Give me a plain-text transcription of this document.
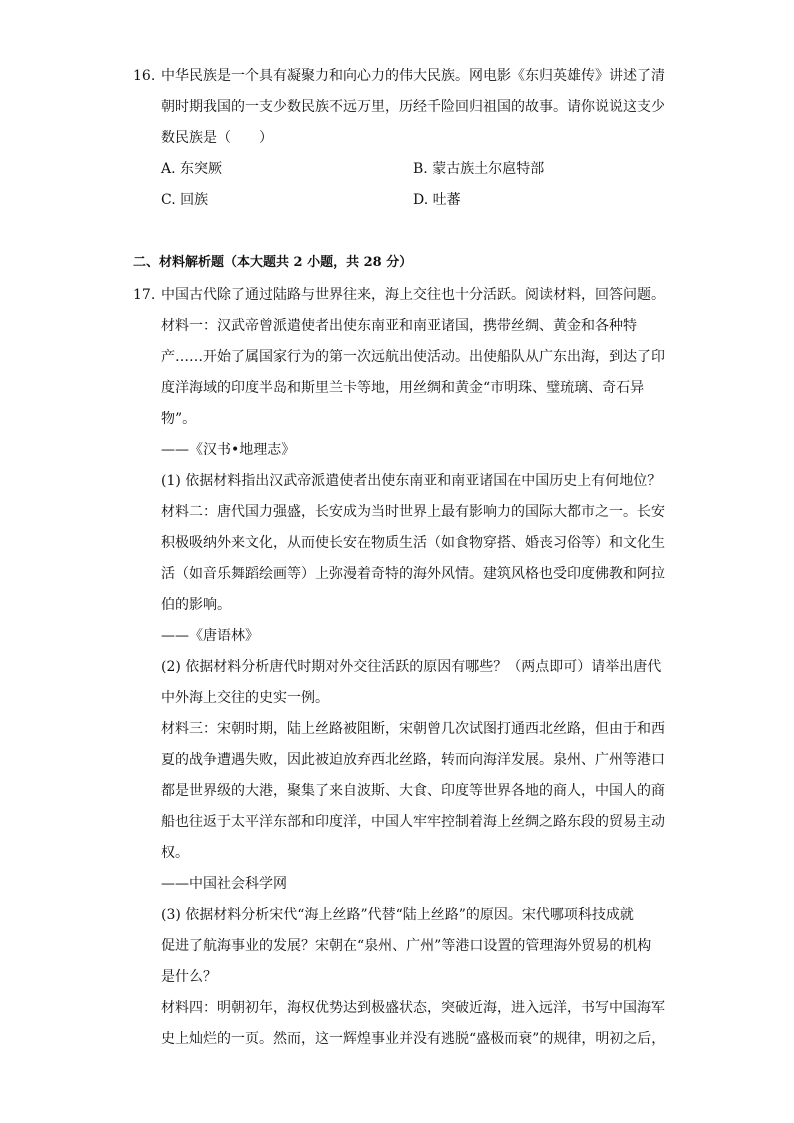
16. 中华民族是一个具有凝聚力和向心力的伟大民族。网电影《东归英雄传》讲述了清
朝时期我国的一支少数民族不远万里，历经千险回归祖国的故事。请你说说这支少
数民族是（　　）
A. 东突厥	B. 蒙古族土尔扈特部
C. 回族	D. 吐蕃
二、材料解析题（本大题共 2 小题，共 28 分）
17. 中国古代除了通过陆路与世界往来，海上交往也十分活跃。阅读材料，回答问题。
材料一：汉武帝曾派遣使者出使东南亚和南亚诸国，携带丝绸、黄金和各种特
产……开始了属国家行为的第一次远航出使活动。出使船队从广东出海，到达了印
度洋海域的印度半岛和斯里兰卡等地，用丝绸和黄金“市明珠、璧琉璃、奇石异
物”。
——《汉书•地理志》
(1) 依据材料指出汉武帝派遣使者出使东南亚和南亚诸国在中国历史上有何地位？
材料二：唐代国力强盛，长安成为当时世界上最有影响力的国际大都市之一。长安
积极吸纳外来文化，从而使长安在物质生活（如食物穿搭、婚丧习俗等）和文化生
活（如音乐舞蹈绘画等）上弥漫着奇特的海外风情。建筑风格也受印度佛教和阿拉
伯的影响。
——《唐语林》
(2) 依据材料分析唐代时期对外交往活跃的原因有哪些？（两点即可）请举出唐代
中外海上交往的史实一例。
材料三：宋朝时期，陆上丝路被阻断，宋朝曾几次试图打通西北丝路，但由于和西
夏的战争遭遇失败，因此被迫放弃西北丝路，转而向海洋发展。泉州、广州等港口
都是世界级的大港，聚集了来自波斯、大食、印度等世界各地的商人，中国人的商
船也往返于太平洋东部和印度洋，中国人牢牢控制着海上丝绸之路东段的贸易主动
权。
——中国社会科学网
(3) 依据材料分析宋代“海上丝路”代替“陆上丝路”的原因。宋代哪项科技成就
促进了航海事业的发展？宋朝在“泉州、广州”等港口设置的管理海外贸易的机构
是什么？
材料四：明朝初年，海权优势达到极盛状态，突破近海，进入远洋，书写中国海军
史上灿烂的一页。然而，这一辉煌事业并没有逃脱“盛极而衰”的规律，明初之后，
